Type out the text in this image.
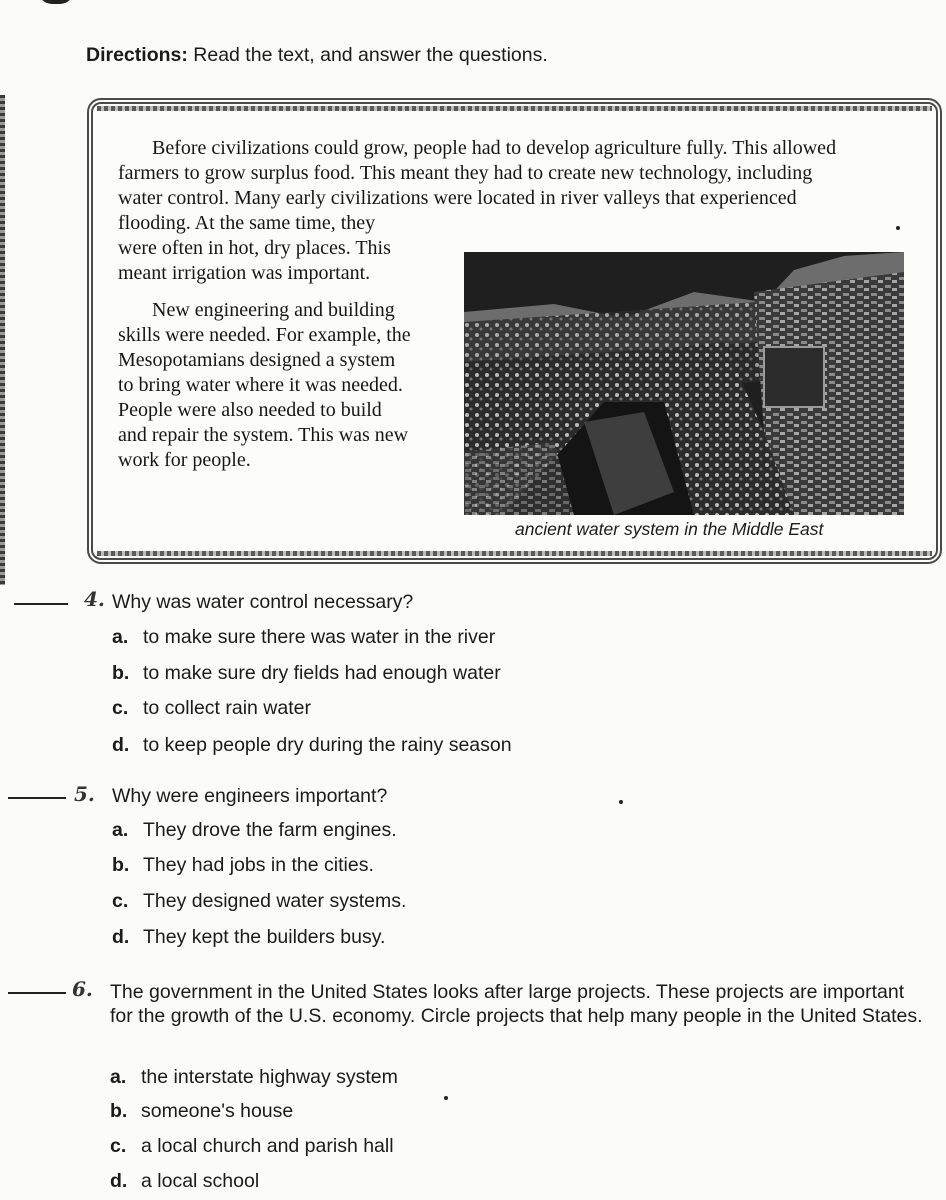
Directions: Read the text, and answer the questions.
Before civilizations could grow, people had to develop agriculture fully. This allowed
farmers to grow surplus food. This meant they had to create new technology, including
water control. Many early civilizations were located in river valleys that experienced
flooding. At the same time, they
were often in hot, dry places. This
meant irrigation was important.
New engineering and building
skills were needed. For example, the
Mesopotamians designed a system
to bring water where it was needed.
People were also needed to build
and repair the system. This was new
work for people.
ancient water system in the Middle East
4. Why was water control necessary?
a. to make sure there was water in the river
b. to make sure dry fields had enough water
c. to collect rain water
d. to keep people dry during the rainy season
5. Why were engineers important?
a. They drove the farm engines.
b. They had jobs in the cities.
c. They designed water systems.
d. They kept the builders busy.
6. The government in the United States looks after large projects. These projects are important for the growth of the U.S. economy. Circle projects that help many people in the United States.
a. the interstate highway system
b. someone's house
c. a local church and parish hall
d. a local school
